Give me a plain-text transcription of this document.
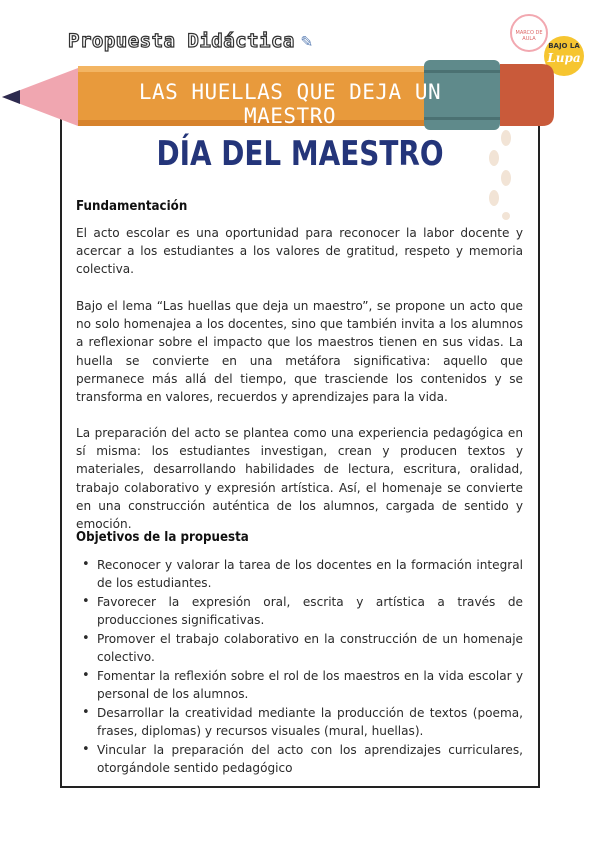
Propuesta Didáctica ✎	MARCO DE AULA
BAJO LA
Lupa
LAS HUELLAS QUE DEJA UN MAESTRO
DÍA DEL MAESTRO
Fundamentación

El acto escolar es una oportunidad para reconocer la labor docente y acercar a los estudiantes a los valores de gratitud, respeto y memoria colectiva.

Bajo el lema “Las huellas que deja un maestro”, se propone un acto que no solo homenajea a los docentes, sino que también invita a los alumnos a reflexionar sobre el impacto que los maestros tienen en sus vidas. La huella se convierte en una metáfora significativa: aquello que permanece más allá del tiempo, que trasciende los contenidos y se transforma en valores, recuerdos y aprendizajes para la vida.

La preparación del acto se plantea como una experiencia pedagógica en sí misma: los estudiantes investigan, crean y producen textos y materiales, desarrollando habilidades de lectura, escritura, oralidad, trabajo colaborativo y expresión artística. Así, el homenaje se convierte en una construcción auténtica de los alumnos, cargada de sentido y emoción.

Objetivos de la propuesta
• Reconocer y valorar la tarea de los docentes en la formación integral de los estudiantes.
• Favorecer la expresión oral, escrita y artística a través de producciones significativas.
• Promover el trabajo colaborativo en la construcción de un homenaje colectivo.
• Fomentar la reflexión sobre el rol de los maestros en la vida escolar y personal de los alumnos.
• Desarrollar la creatividad mediante la producción de textos (poema, frases, diplomas) y recursos visuales (mural, huellas).
• Vincular la preparación del acto con los aprendizajes curriculares, otorgándole sentido pedagógico
